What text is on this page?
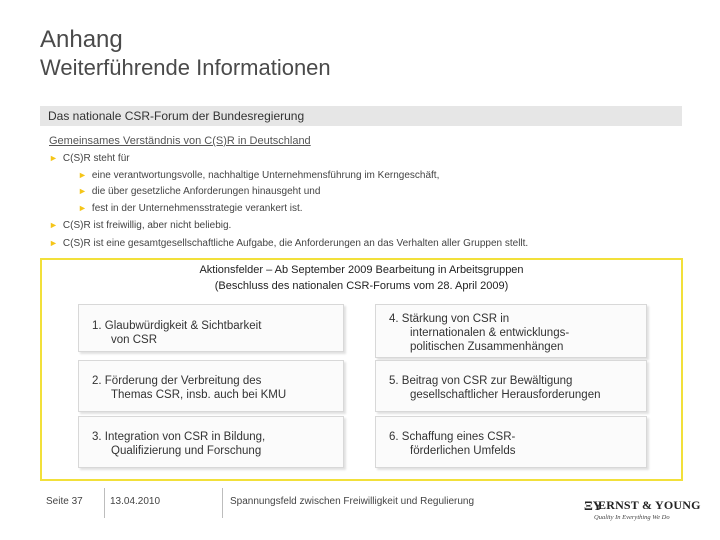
Anhang
Weiterführende Informationen
Das nationale CSR-Forum der Bundesregierung
Gemeinsames Verständnis von C(S)R in Deutschland
► C(S)R steht für
► eine verantwortungsvolle, nachhaltige Unternehmensführung im Kerngeschäft,
► die über gesetzliche Anforderungen hinausgeht und
► fest in der Unternehmensstrategie verankert ist.
► C(S)R ist freiwillig, aber nicht beliebig.
► C(S)R ist eine gesamtgesellschaftliche Aufgabe, die Anforderungen an das Verhalten aller Gruppen stellt.
Aktionsfelder – Ab September 2009 Bearbeitung in Arbeitsgruppen
(Beschluss des nationalen CSR-Forums vom 28. April 2009)
1. Glaubwürdigkeit & Sichtbarkeit
von CSR
4. Stärkung von CSR in
internationalen & entwicklungs-
politischen Zusammenhängen
2. Förderung der Verbreitung des
Themas CSR, insb. auch bei KMU
5. Beitrag von CSR zur Bewältigung
gesellschaftlicher Herausforderungen
3. Integration von CSR in Bildung,
Qualifizierung und Forschung
6. Schaffung eines CSR-
förderlichen Umfelds
Seite 37	13.04.2010	Spannungsfeld zwischen Freiwilligkeit und Regulierung	ΞΥ
ERNST & YOUNG
Quality In Everything We Do
